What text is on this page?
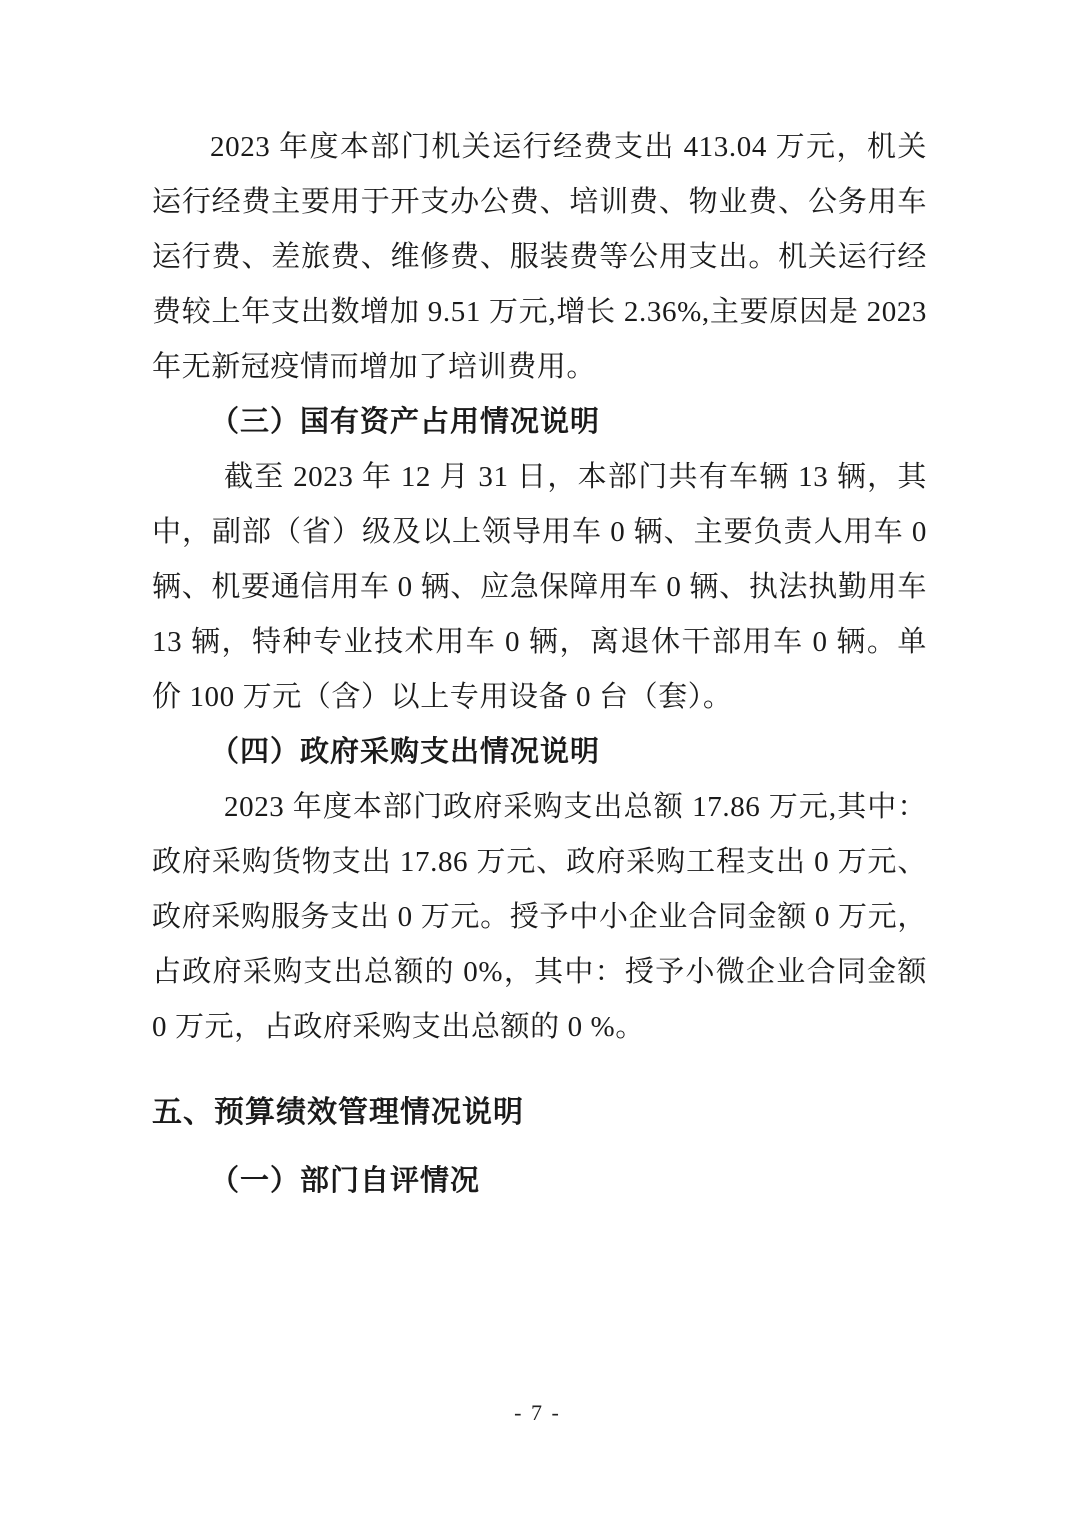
2023 年度本部门机关运行经费支出 413.04 万元，机关运行经费主要用于开支办公费、培训费、物业费、公务用车运行费、差旅费、维修费、服装费等公用支出。机关运行经费较上年支出数增加 9.51 万元,增长 2.36%,主要原因是 2023 年无新冠疫情而增加了培训费用。

（三）国有资产占用情况说明

截至 2023 年 12 月 31 日，本部门共有车辆 13 辆，其中，副部（省）级及以上领导用车 0 辆、主要负责人用车 0 辆、机要通信用车 0 辆、应急保障用车 0 辆、执法执勤用车 13 辆，特种专业技术用车 0 辆，离退休干部用车 0 辆。单价 100 万元（含）以上专用设备 0 台（套）。

（四）政府采购支出情况说明

2023 年度本部门政府采购支出总额 17.86 万元,其中：政府采购货物支出 17.86 万元、政府采购工程支出 0 万元、政府采购服务支出 0 万元。授予中小企业合同金额 0 万元，占政府采购支出总额的 0%，其中：授予小微企业合同金额 0 万元，占政府采购支出总额的 0 %。

五、预算绩效管理情况说明
（一）部门自评情况
- 7 -
